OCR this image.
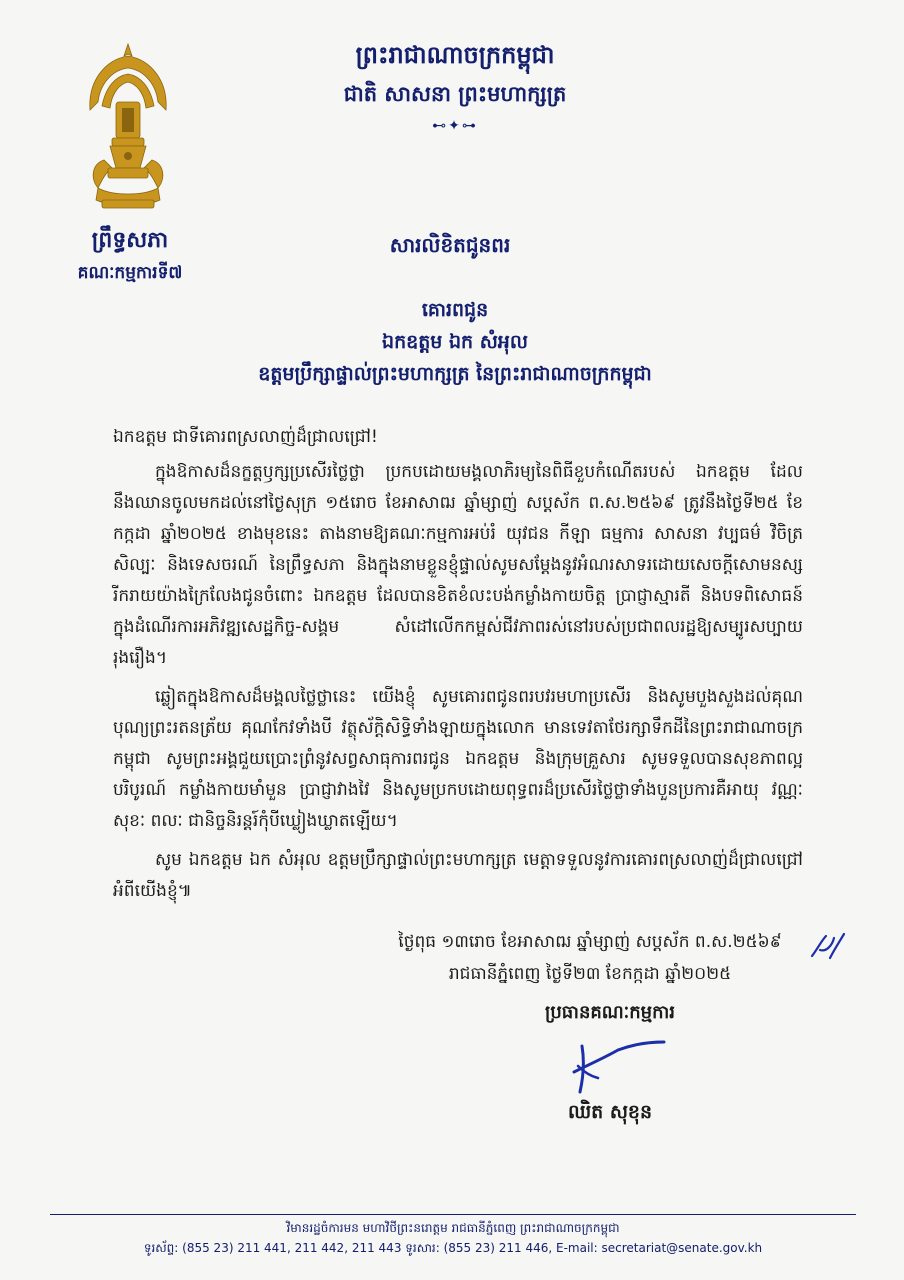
ព្រឹទ្ធសភា

គណៈកម្មការទី៧

ព្រះរាជាណាចក្រកម្ពុជា

ជាតិ សាសនា ព្រះមហាក្សត្រ

⊷✦⊶

សារលិខិតជូនពរ

គោរពជូន

ឯកឧត្តម ឯក សំអុល

ឧត្តមប្រឹក្សាផ្ទាល់ព្រះមហាក្សត្រ នៃព្រះរាជាណាចក្រកម្ពុជា

ឯកឧត្តម ជាទីគោរពស្រលាញ់ដ៏ជ្រាលជ្រៅ!

ក្នុងឱកាសដ៏នក្ខត្តឫក្សប្រសើរថ្លៃថ្លា ប្រកបដោយមង្គលាភិរម្យនៃពិធីខួបកំណើតរបស់ ឯកឧត្តម ដែលនឹងឈានចូលមកដល់នៅថ្ងៃសុក្រ ១៥រោច ខែអាសាឍ ឆ្នាំម្សាញ់ សប្តស័ក ព.ស.២៥៦៩ ត្រូវនឹងថ្ងៃទី២៥ ខែកក្កដា ឆ្នាំ២០២៥ ខាងមុខនេះ តាងនាមឱ្យគណៈកម្មការអប់រំ យុវជន កីឡា ធម្មការ សាសនា វប្បធម៌ វិចិត្រសិល្បៈ និងទេសចរណ៍ នៃព្រឹទ្ធសភា និងក្នុងនាមខ្លួនខ្ញុំផ្ទាល់សូមសម្តែងនូវអំណរសាទរដោយសេចក្តីសោមនស្សរីករាយយ៉ាងក្រៃលែងជូនចំពោះ ឯកឧត្តម ដែលបានខិតខំលះបង់កម្លាំងកាយចិត្ត ប្រាជ្ញាស្មារតី និងបទពិសោធន៍ ក្នុងដំណើរការអភិវឌ្ឍសេដ្ឋកិច្ច-សង្គម សំដៅលើកកម្ពស់ជីវភាពរស់នៅរបស់ប្រជាពលរដ្ឋឱ្យសម្បូរសប្បាយរុងរឿង។

ឆ្លៀតក្នុងឱកាសដ៏មង្គលថ្លៃថ្លានេះ យើងខ្ញុំ សូមគោរពជូនពរបវរមហាប្រសើរ និងសូមបួងសួងដល់គុណបុណ្យព្រះរតនត្រ័យ គុណកែវទាំងបី វត្ថុស័ក្តិសិទ្ធិទាំងឡាយក្នុងលោក មានទេវតាថែរក្សាទឹកដីនៃព្រះរាជាណាចក្រកម្ពុជា សូមព្រះអង្គជួយប្រោះព្រំនូវសព្វសាធុការពរជូន ឯកឧត្តម និងក្រុមគ្រួសារ សូមទទួលបានសុខភាពល្អបរិបូរណ៍ កម្លាំងកាយមាំមួន ប្រាជ្ញាវាងវៃ និងសូមប្រកបដោយពុទ្ធពរដ៏ប្រសើរថ្លៃថ្លាទាំងបួនប្រការគឺអាយុ វណ្ណៈ សុខៈ ពលៈ ជានិច្ចនិរន្តរ៍កុំបីឃ្លៀងឃ្លាតឡើយ។

សូម ឯកឧត្តម ឯក សំអុល ឧត្តមប្រឹក្សាផ្ទាល់ព្រះមហាក្សត្រ មេត្តាទទួលនូវការគោរពស្រលាញ់ដ៏ជ្រាលជ្រៅ អំពីយើងខ្ញុំ៕

ថ្ងៃពុធ ១៣រោច ខែអាសាឍ ឆ្នាំម្សាញ់ សប្តស័ក ព.ស.២៥៦៩

រាជធានីភ្នំពេញ ថ្ងៃទី២៣ ខែកក្កដា ឆ្នាំ២០២៥

ប្រធានគណៈកម្មការ

ឈិត សុខុន

វិមានរដ្ឋចំការមន មហាវិថីព្រះនរោត្តម រាជធានីភ្នំពេញ ព្រះរាជាណាចក្រកម្ពុជា

ទូរស័ព្ទ: (855 23) 211 441, 211 442, 211 443 ទូរសារ: (855 23) 211 446, E-mail: secretariat@senate.gov.kh
